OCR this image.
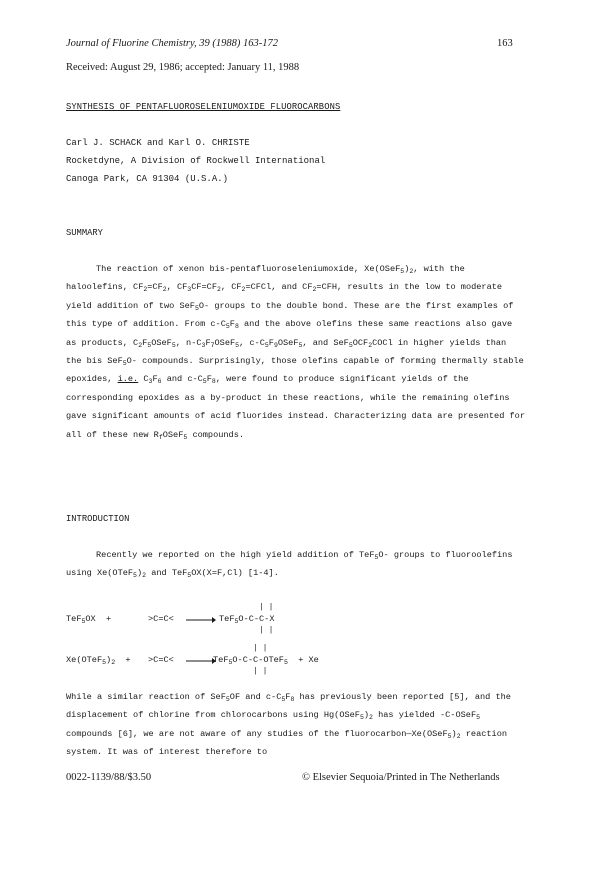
Journal of Fluorine Chemistry, 39 (1988) 163-172	163
Received: August 29, 1986; accepted: January 11, 1988
SYNTHESIS OF PENTAFLUOROSELENIUMOXIDE FLUOROCARBONS
Carl J. SCHACK and Karl O. CHRISTE
Rocketdyne, A Division of Rockwell International
Canoga Park, CA 91304 (U.S.A.)
SUMMARY
The reaction of xenon bis-pentafluoroseleniumoxide, $Xe(OSeF_5)_2$, with the haloolefins, $CF_2=CF_2$, $CF_3CF=CF_2$, $CF_2=CFCl$, and $CF_2=CFH$, results in the low to moderate yield addition of two SeF$_5$O- groups to the double bond. These are the first examples of this type of addition. From $c-C_5F_8$ and the above olefins these same reactions also gave as products, $C_2F_5OSeF_5$, $n-C_3F_7OSeF_5$, $c-C_5F_9OSeF_5$, and $SeF_5OCF_2COCl$ in higher yields than the bis SeF$_5$O- compounds. Surprisingly, those olefins capable of forming thermally stable epoxides, i.e. $C_3F_6$ and $c-C_5F_8$, were found to produce significant yields of the corresponding epoxides as a by-product in these reactions, while the remaining olefins gave significant amounts of acid fluorides instead. Characterizing data are presented for all of these new $R_fOSeF_5$ compounds.
INTRODUCTION
Recently we reported on the high yield addition of TeF$_5$O- groups to fluoroolefins using $Xe(OTeF_5)_2$ and TeF$_5$OX(X=F,Cl) [1-4].
TeF$_5$OX  +	>C=C<
| |
TeF$_5$O-C-C-X
| |
| |
$Xe(OTeF_5)_2 + >C=C<$	TeF$_5$O-C-C-OTeF$_5$  + Xe
| |
While a similar reaction of SeF$_5$OF and $c-C_5F_8$ has previously been reported [5], and the displacement of chlorine from chlorocarbons using $Hg(OSeF_5)_2$ has yielded -C-OSeF$_5$ compounds [6], we are not aware of any studies of the $fluorocarbon—Xe(OSeF_5)_2$ reaction system. It was of interest therefore to
0022-1139/88/$3.50	© Elsevier Sequoia/Printed in The Netherlands
